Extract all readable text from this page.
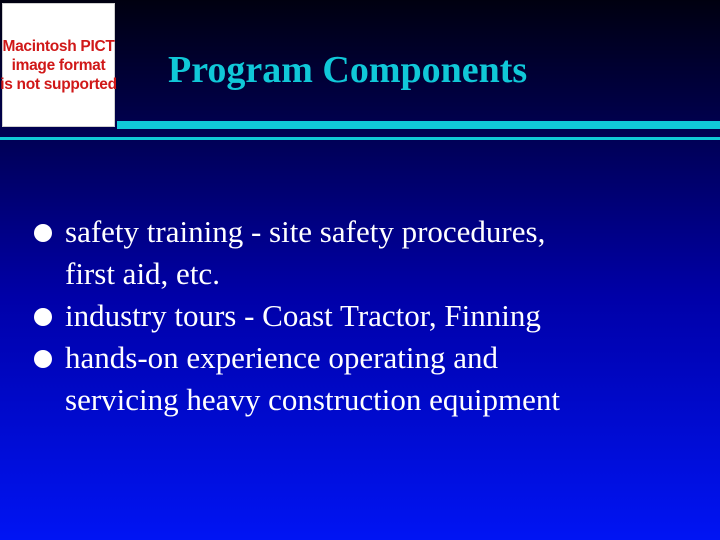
Macintosh PICT
image format
is not supported Program Components
safety training - site safety procedures,
first aid, etc.
industry tours - Coast Tractor, Finning
hands-on experience operating and
servicing heavy construction equipment
